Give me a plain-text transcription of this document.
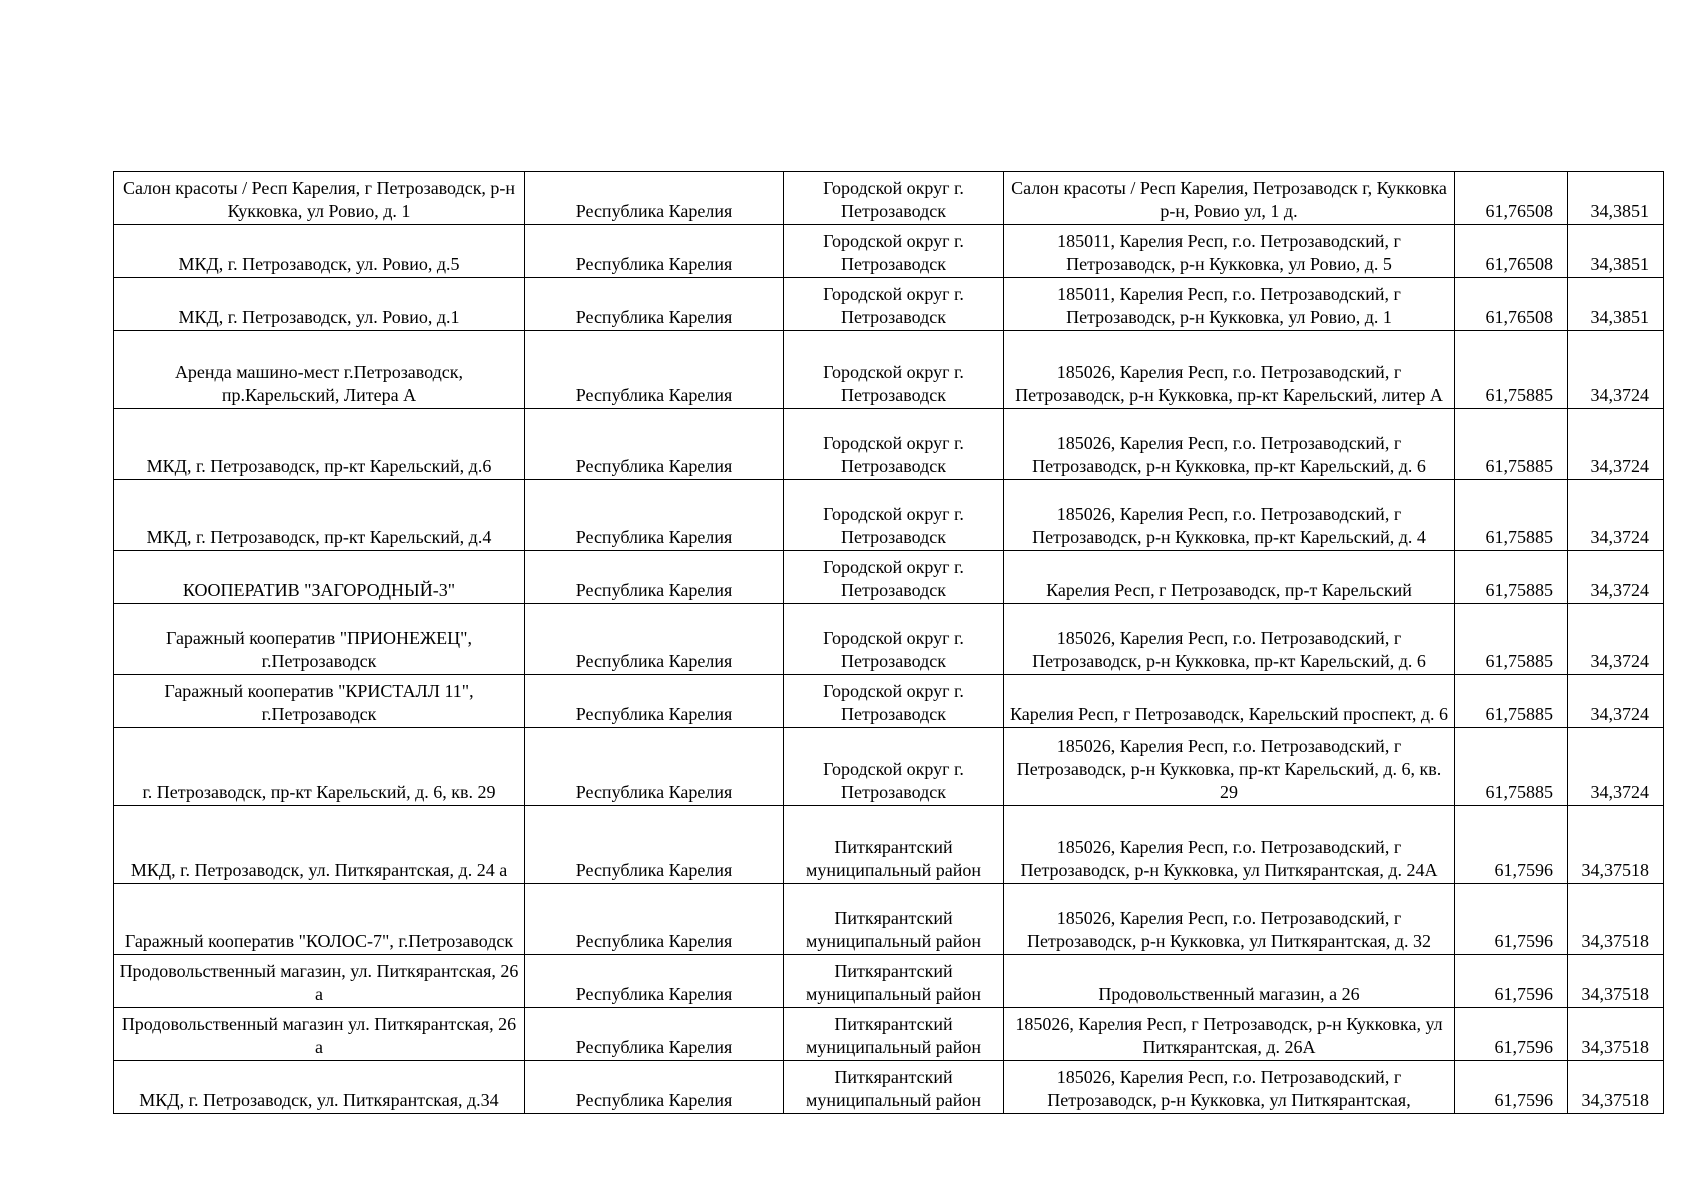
Салон красоты / Респ Карелия, г Петрозаводск, р-н Кукковка, ул Ровио, д. 1	Республика Карелия	Городской округ г. Петрозаводск	Салон красоты / Респ Карелия, Петрозаводск г, Кукковка р-н, Ровио ул, 1 д.	61,76508	34,3851
МКД, г. Петрозаводск, ул. Ровио, д.5	Республика Карелия	Городской округ г. Петрозаводск	185011, Карелия Респ, г.о. Петрозаводский, г Петрозаводск, р-н Кукковка, ул Ровио, д. 5	61,76508	34,3851
МКД, г. Петрозаводск, ул. Ровио, д.1	Республика Карелия	Городской округ г. Петрозаводск	185011, Карелия Респ, г.о. Петрозаводский, г Петрозаводск, р-н Кукковка, ул Ровио, д. 1	61,76508	34,3851
Аренда машино-мест г.Петрозаводск, пр.Карельский, Литера А	Республика Карелия	Городской округ г. Петрозаводск	185026, Карелия Респ, г.о. Петрозаводский, г Петрозаводск, р-н Кукковка, пр-кт Карельский, литер А	61,75885	34,3724
МКД, г. Петрозаводск, пр-кт Карельский, д.6	Республика Карелия	Городской округ г. Петрозаводск	185026, Карелия Респ, г.о. Петрозаводский, г Петрозаводск, р-н Кукковка, пр-кт Карельский, д. 6	61,75885	34,3724
МКД, г. Петрозаводск, пр-кт Карельский, д.4	Республика Карелия	Городской округ г. Петрозаводск	185026, Карелия Респ, г.о. Петрозаводский, г Петрозаводск, р-н Кукковка, пр-кт Карельский, д. 4	61,75885	34,3724
КООПЕРАТИВ "ЗАГОРОДНЫЙ-3"	Республика Карелия	Городской округ г. Петрозаводск	Карелия Респ, г Петрозаводск, пр-т Карельский	61,75885	34,3724
Гаражный кооператив "ПРИОНЕЖЕЦ", г.Петрозаводск	Республика Карелия	Городской округ г. Петрозаводск	185026, Карелия Респ, г.о. Петрозаводский, г Петрозаводск, р-н Кукковка, пр-кт Карельский, д. 6	61,75885	34,3724
Гаражный кооператив "КРИСТАЛЛ 11", г.Петрозаводск	Республика Карелия	Городской округ г. Петрозаводск	Карелия Респ, г Петрозаводск, Карельский проспект, д. 6	61,75885	34,3724
г. Петрозаводск, пр-кт Карельский, д. 6, кв. 29	Республика Карелия	Городской округ г. Петрозаводск	185026, Карелия Респ, г.о. Петрозаводский, г Петрозаводск, р-н Кукковка, пр-кт Карельский, д. 6, кв. 29	61,75885	34,3724
МКД, г. Петрозаводск, ул. Питкярантская, д. 24 а	Республика Карелия	Питкярантский муниципальный район	185026, Карелия Респ, г.о. Петрозаводский, г Петрозаводск, р-н Кукковка, ул Питкярантская, д. 24А	61,7596	34,37518
Гаражный кооператив "КОЛОС-7", г.Петрозаводск	Республика Карелия	Питкярантский муниципальный район	185026, Карелия Респ, г.о. Петрозаводский, г Петрозаводск, р-н Кукковка, ул Питкярантская, д. 32	61,7596	34,37518
Продовольственный магазин, ул. Питкярантская, 26 а	Республика Карелия	Питкярантский муниципальный район	Продовольственный магазин, а 26	61,7596	34,37518
Продовольственный магазин ул. Питкярантская, 26 а	Республика Карелия	Питкярантский муниципальный район	185026, Карелия Респ, г Петрозаводск, р-н Кукковка, ул Питкярантская, д. 26А	61,7596	34,37518
МКД, г. Петрозаводск, ул. Питкярантская, д.34	Республика Карелия	Питкярантский муниципальный район	185026, Карелия Респ, г.о. Петрозаводский, г Петрозаводск, р-н Кукковка, ул Питкярантская,	61,7596	34,37518
